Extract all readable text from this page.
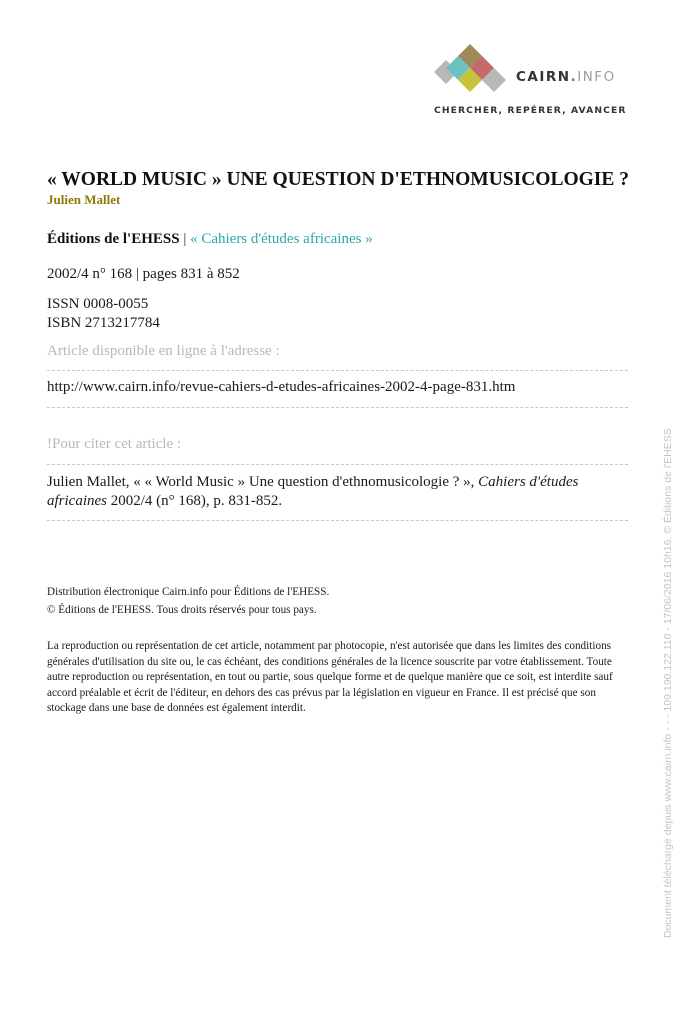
CAIRN.INFO
CHERCHER, REPÉRER, AVANCER
« WORLD MUSIC » UNE QUESTION D'ETHNOMUSICOLOGIE ?
Julien Mallet
Éditions de l'EHESS | « Cahiers d'études africaines »
2002/4 n° 168 | pages 831 à 852
ISSN 0008-0055
ISBN 2713217784
Article disponible en ligne à l'adresse :
http://www.cairn.info/revue-cahiers-d-etudes-africaines-2002-4-page-831.htm
!Pour citer cet article :
Julien Mallet, « « World Music » Une question d'ethnomusicologie ? », Cahiers d'études africaines 2002/4 (n° 168), p. 831-852.
Distribution électronique Cairn.info pour Éditions de l'EHESS.
© Éditions de l'EHESS. Tous droits réservés pour tous pays.
La reproduction ou représentation de cet article, notamment par photocopie, n'est autorisée que dans les limites des conditions générales d'utilisation du site ou, le cas échéant, des conditions générales de la licence souscrite par votre établissement. Toute autre reproduction ou représentation, en tout ou partie, sous quelque forme et de quelque manière que ce soit, est interdite sauf accord préalable et écrit de l'éditeur, en dehors des cas prévus par la législation en vigueur en France. Il est précisé que son stockage dans une base de données est également interdit.	Document téléchargé depuis www.cairn.info - - - 109.190.122.110 - 17/06/2016 10h16. © Éditions de l'EHESS
